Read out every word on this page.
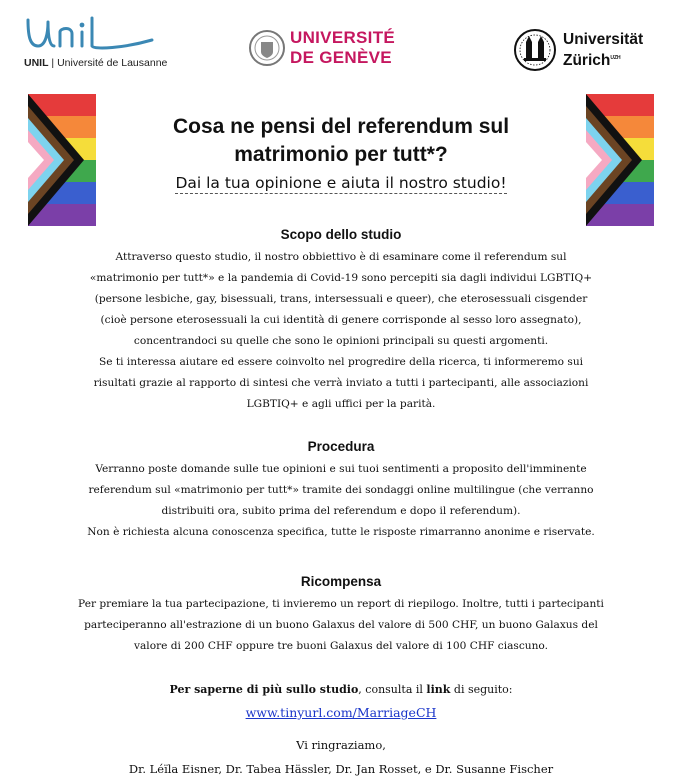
UNIL | Université de Lausanne
UNIVERSITÉ
DE GENÈVE
Universität
Zürich$^{UZH}$
Cosa ne pensi del referendum sul
matrimonio per tutt*?
Dai la tua opinione e aiuta il nostro studio!
Scopo dello studio
Attraverso questo studio, il nostro obbiettivo è di esaminare come il referendum sul
«matrimonio per tutt*» e la pandemia di Covid-19 sono percepiti sia dagli individui LGBTIQ+
(persone lesbiche, gay, bisessuali, trans, intersessuali e queer), che eterosessuali cisgender
(cioè persone eterosessuali la cui identità di genere corrisponde al sesso loro assegnato),
concentrandoci su quelle che sono le opinioni principali su questi argomenti.
Se ti interessa aiutare ed essere coinvolto nel progredire della ricerca, ti informeremo sui
risultati grazie al rapporto di sintesi che verrà inviato a tutti i partecipanti, alle associazioni
LGBTIQ+ e agli uffici per la parità.
Procedura
Verranno poste domande sulle tue opinioni e sui tuoi sentimenti a proposito dell'imminente
referendum sul «matrimonio per tutt*» tramite dei sondaggi online multilingue (che verranno
distribuiti ora, subito prima del referendum e dopo il referendum).
Non è richiesta alcuna conoscenza specifica, tutte le risposte rimarranno anonime e riservate.
Ricompensa
Per premiare la tua partecipazione, ti invieremo un report di riepilogo. Inoltre, tutti i partecipanti
parteciperanno all'estrazione di un buono Galaxus del valore di 500 CHF, un buono Galaxus del
valore di 200 CHF oppure tre buoni Galaxus del valore di 100 CHF ciascuno.
Per saperne di più sullo studio, consulta il link di seguito:
www.tinyurl.com/MarriageCH
Vi ringraziamo,
Dr. Léïla Eisner, Dr. Tabea Hässler, Dr. Jan Rosset, e Dr. Susanne Fischer
